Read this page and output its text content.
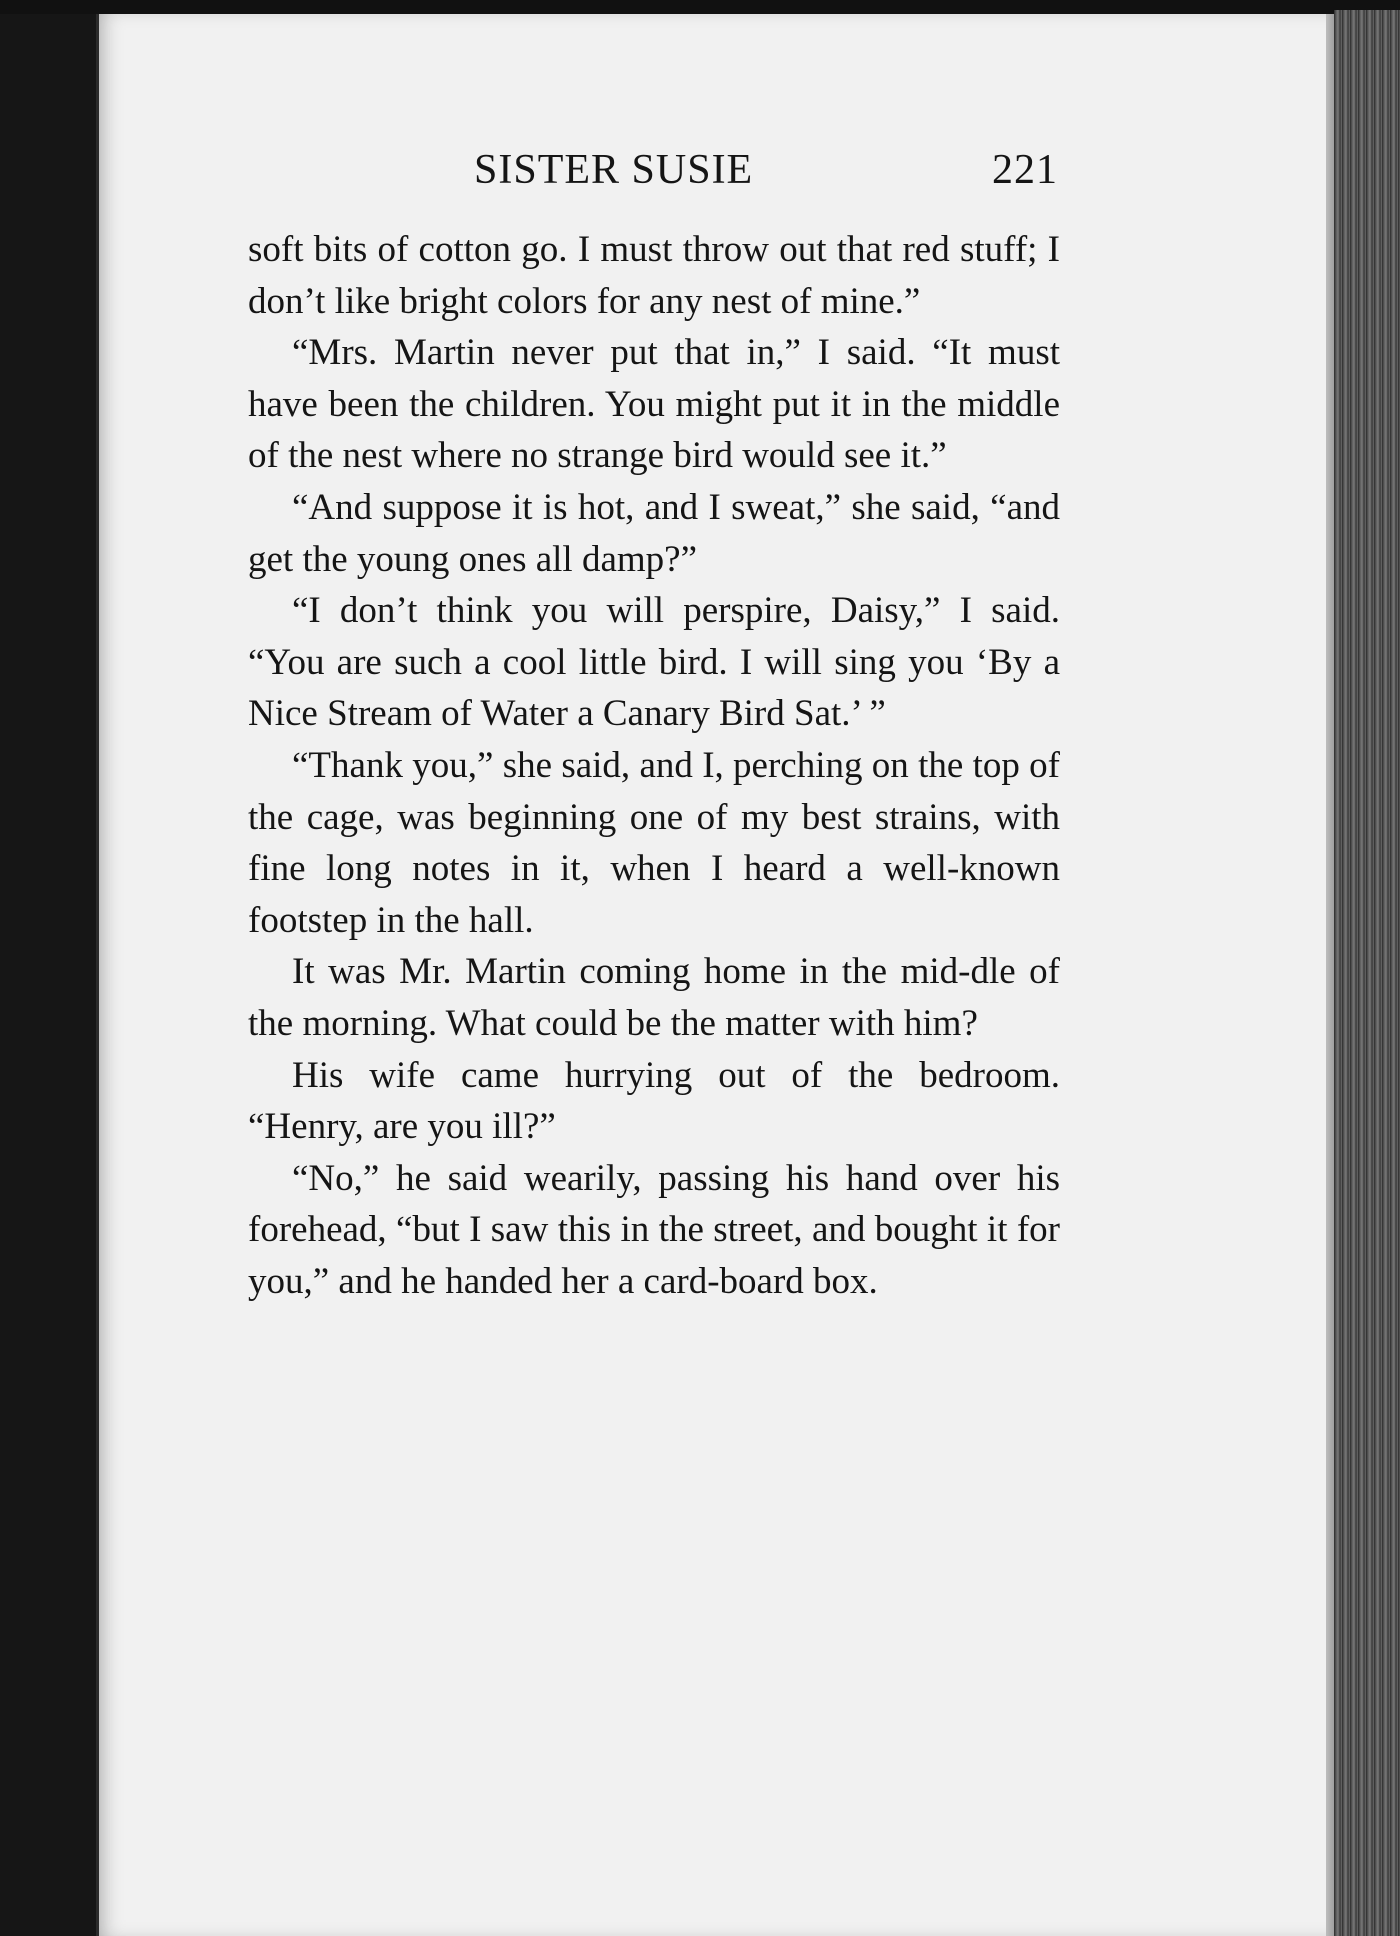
SISTER SUSIE	221

soft bits of cotton go. I must throw out that red stuff; I don’t like bright colors for any nest of mine.”

“Mrs. Martin never put that in,” I said. “It must have been the children. You might put it in the middle of the nest where no strange bird would see it.”

“And suppose it is hot, and I sweat,” she said, “and get the young ones all damp?”

“I don’t think you will perspire, Daisy,” I said. “You are such a cool little bird. I will sing you ‘By a Nice Stream of Water a Canary Bird Sat.’ ”

“Thank you,” she said, and I, perching on the top of the cage, was beginning one of my best strains, with fine long notes in it, when I heard a well-known footstep in the hall.

It was Mr. Martin coming home in the mid-dle of the morning. What could be the matter with him?

His wife came hurrying out of the bedroom. “Henry, are you ill?”

“No,” he said wearily, passing his hand over his forehead, “but I saw this in the street, and bought it for you,” and he handed her a card-board box.
